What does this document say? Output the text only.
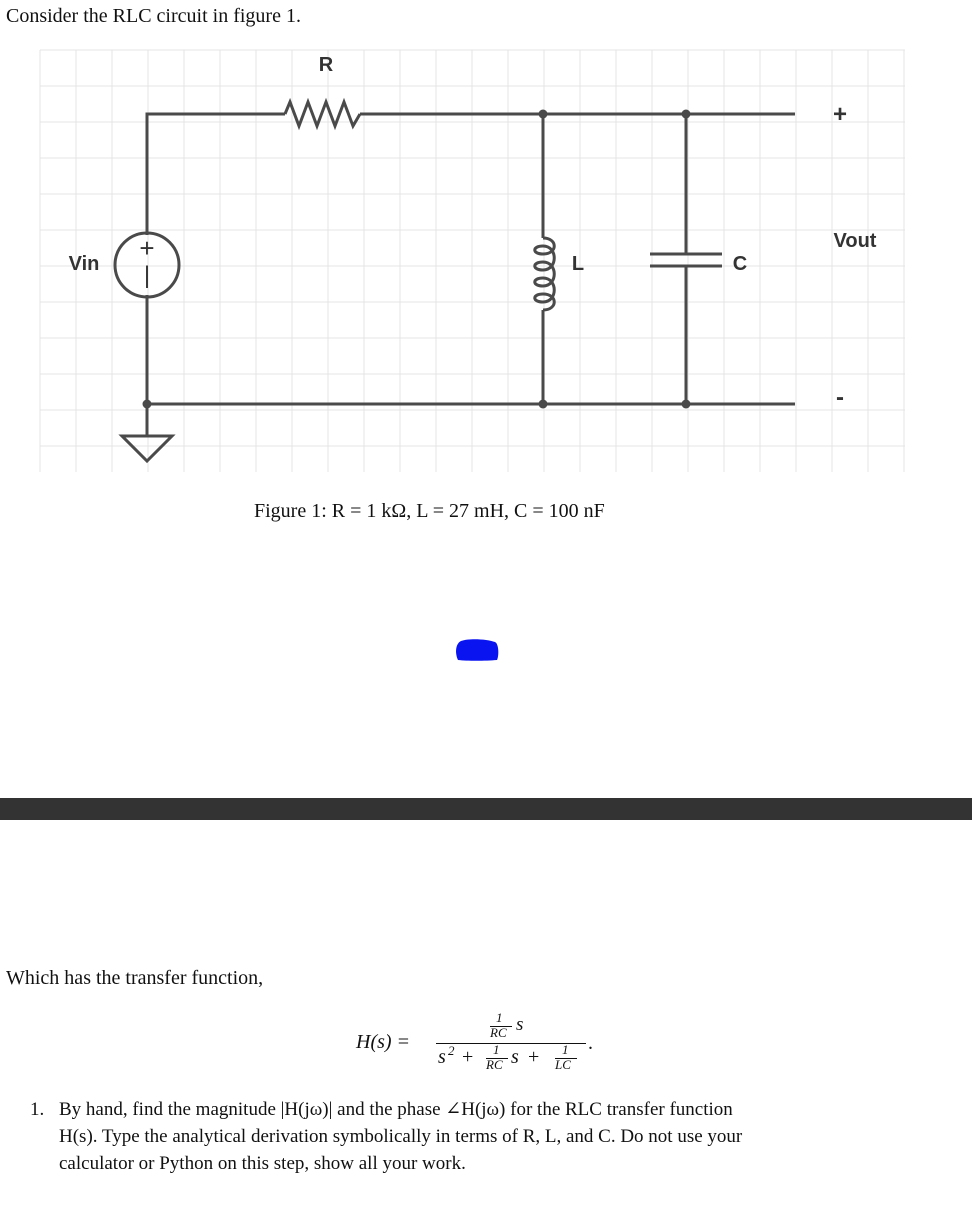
Consider the RLC circuit in figure 1.
+
|
R
Vin	L	C
Vout
+
-
Figure 1: R = 1 kΩ, L = 27 mH, C = 100 nF
Which has the transfer function,
H(s) =
1
RC s
s 2 + 1
RC s + 1
LC
.
1. By hand, find the magnitude |H(jω)| and the phase ∠H(jω) for the RLC transfer function
H(s). Type the analytical derivation symbolically in terms of R, L, and C. Do not use your
calculator or Python on this step, show all your work.
